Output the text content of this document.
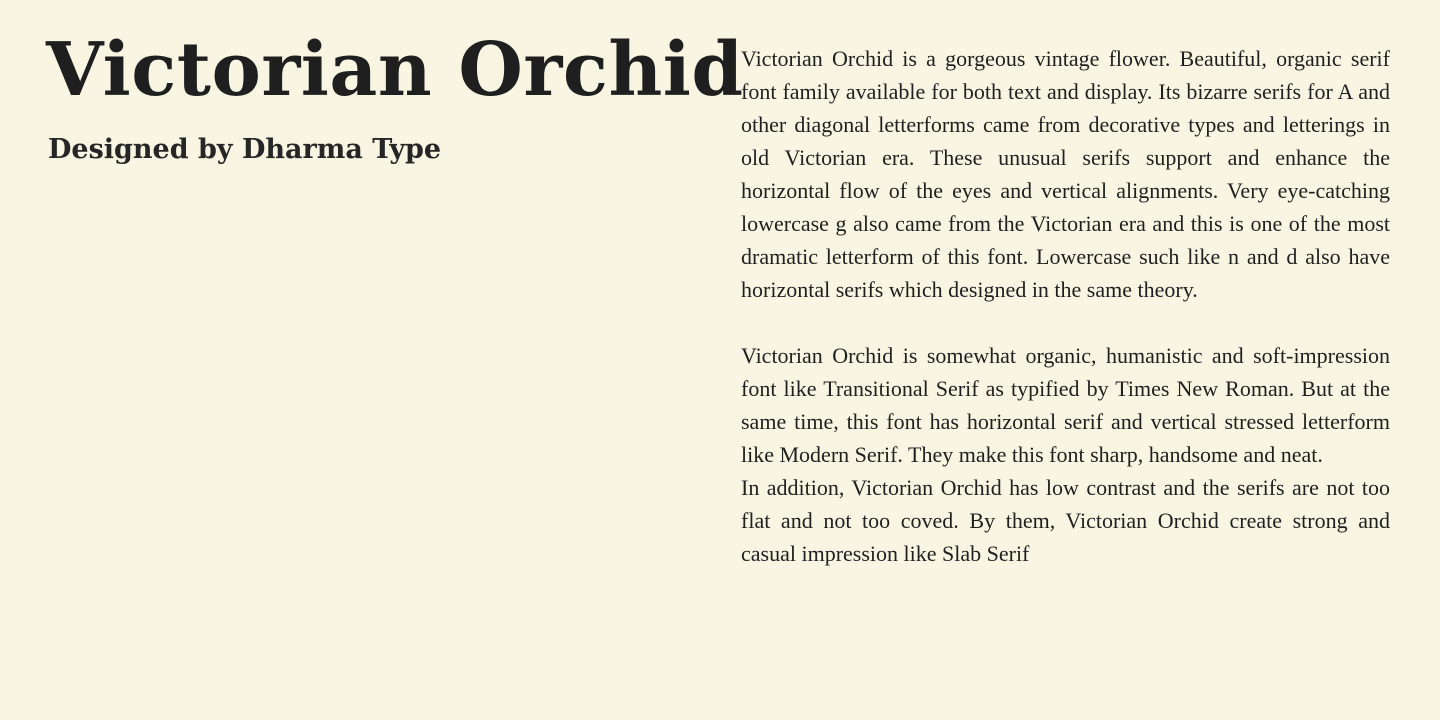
Victorian Orchid
Designed by Dharma Type

Victorian Orchid is a gorgeous vintage flower. Beautiful, organic serif font family available for both text and display. Its bizarre serifs for A and other diagonal letterforms came from decorative types and letterings in old Victorian era. These unusual serifs support and enhance the horizontal flow of the eyes and vertical alignments. Very eye-catching lowercase g also came from the Victorian era and this is one of the most dramatic letterform of this font. Lowercase such like n and d also have horizontal serifs which designed in the same theory.

Victorian Orchid is somewhat organic, humanistic and soft-impression font like Transitional Serif as typified by Times New Roman. But at the same time, this font has horizontal serif and vertical stressed letterform like Modern Serif. They make this font sharp, handsome and neat.

In addition, Victorian Orchid has low contrast and the serifs are not too flat and not too coved. By them, Victorian Orchid create strong and casual impression like Slab Serif
